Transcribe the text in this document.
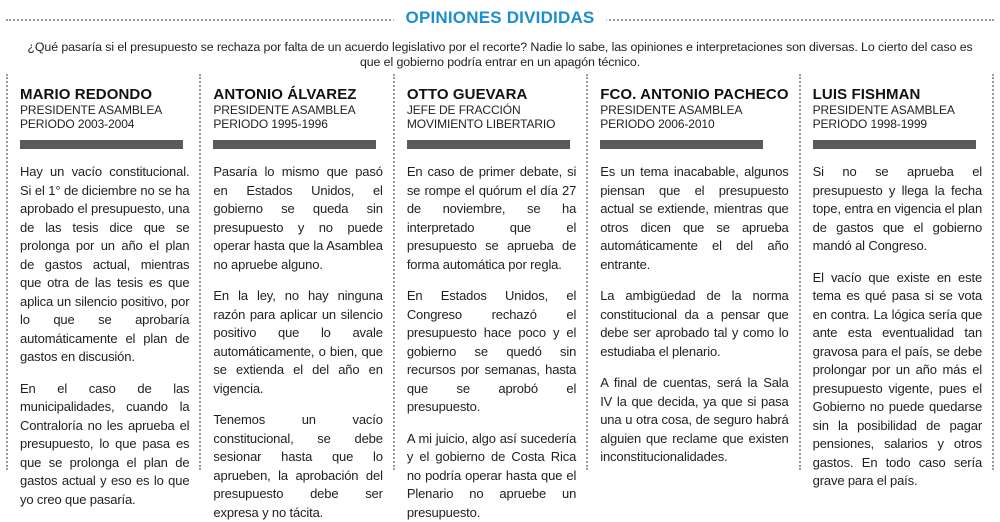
OPINIONES DIVIDIDAS
¿Qué pasaría si el presupuesto se rechaza por falta de un acuerdo legislativo por el recorte? Nadie lo sabe, las opiniones e interpretaciones son diversas. Lo cierto del caso es que el gobierno podría entrar en un apagón técnico.
MARIO REDONDO
PRESIDENTE ASAMBLEA
PERIODO 2003-2004

Hay un vacío constitucional. Si el 1° de diciembre no se ha aprobado el presupuesto, una de las tesis dice que se prolonga por un año el plan de gastos actual, mientras que otra de las tesis es que aplica un silencio positivo, por lo que se aprobaría automáticamente el plan de gastos en discusión.

En el caso de las municipalidades, cuando la Contraloría no les aprueba el presupuesto, lo que pasa es que se prolonga el plan de gastos actual y eso es lo que yo creo que pasaría.

ANTONIO ÁLVAREZ
PRESIDENTE ASAMBLEA
PERIODO 1995-1996

Pasaría lo mismo que pasó en Estados Unidos, el gobierno se queda sin presupuesto y no puede operar hasta que la Asamblea no apruebe alguno.

En la ley, no hay ninguna razón para aplicar un silencio positivo que lo avale automáticamente, o bien, que se extienda el del año en vigencia.

Tenemos un vacío constitucional, se debe sesionar hasta que lo aprueben, la aprobación del presupuesto debe ser expresa y no tácita.

OTTO GUEVARA
JEFE DE FRACCIÓN
MOVIMIENTO LIBERTARIO

En caso de primer debate, si se rompe el quórum el día 27 de noviembre, se ha interpretado que el presupuesto se aprueba de forma automática por regla.

En Estados Unidos, el Congreso rechazó el presupuesto hace poco y el gobierno se quedó sin recursos por semanas, hasta que se aprobó el presupuesto.

A mi juicio, algo así sucedería y el gobierno de Costa Rica no podría operar hasta que el Plenario no apruebe un presupuesto.

FCO. ANTONIO PACHECO
PRESIDENTE ASAMBLEA
PERIODO 2006-2010

Es un tema inacabable, algunos piensan que el presupuesto actual se extiende, mientras que otros dicen que se aprueba automáticamente el del año entrante.

La ambigüedad de la norma constitucional da a pensar que debe ser aprobado tal y como lo estudiaba el plenario.

A final de cuentas, será la Sala IV la que decida, ya que si pasa una u otra cosa, de seguro habrá alguien que reclame que existen inconstitucionalidades.

LUIS FISHMAN
PRESIDENTE ASAMBLEA
PERIODO 1998-1999

Si no se aprueba el presupuesto y llega la fecha tope, entra en vigencia el plan de gastos que el gobierno mandó al Congreso.

El vacío que existe en este tema es qué pasa si se vota en contra. La lógica sería que ante esta eventualidad tan gravosa para el país, se debe prolongar por un año más el presupuesto vigente, pues el Gobierno no puede quedarse sin la posibilidad de pagar pensiones, salarios y otros gastos. En todo caso sería grave para el país.
